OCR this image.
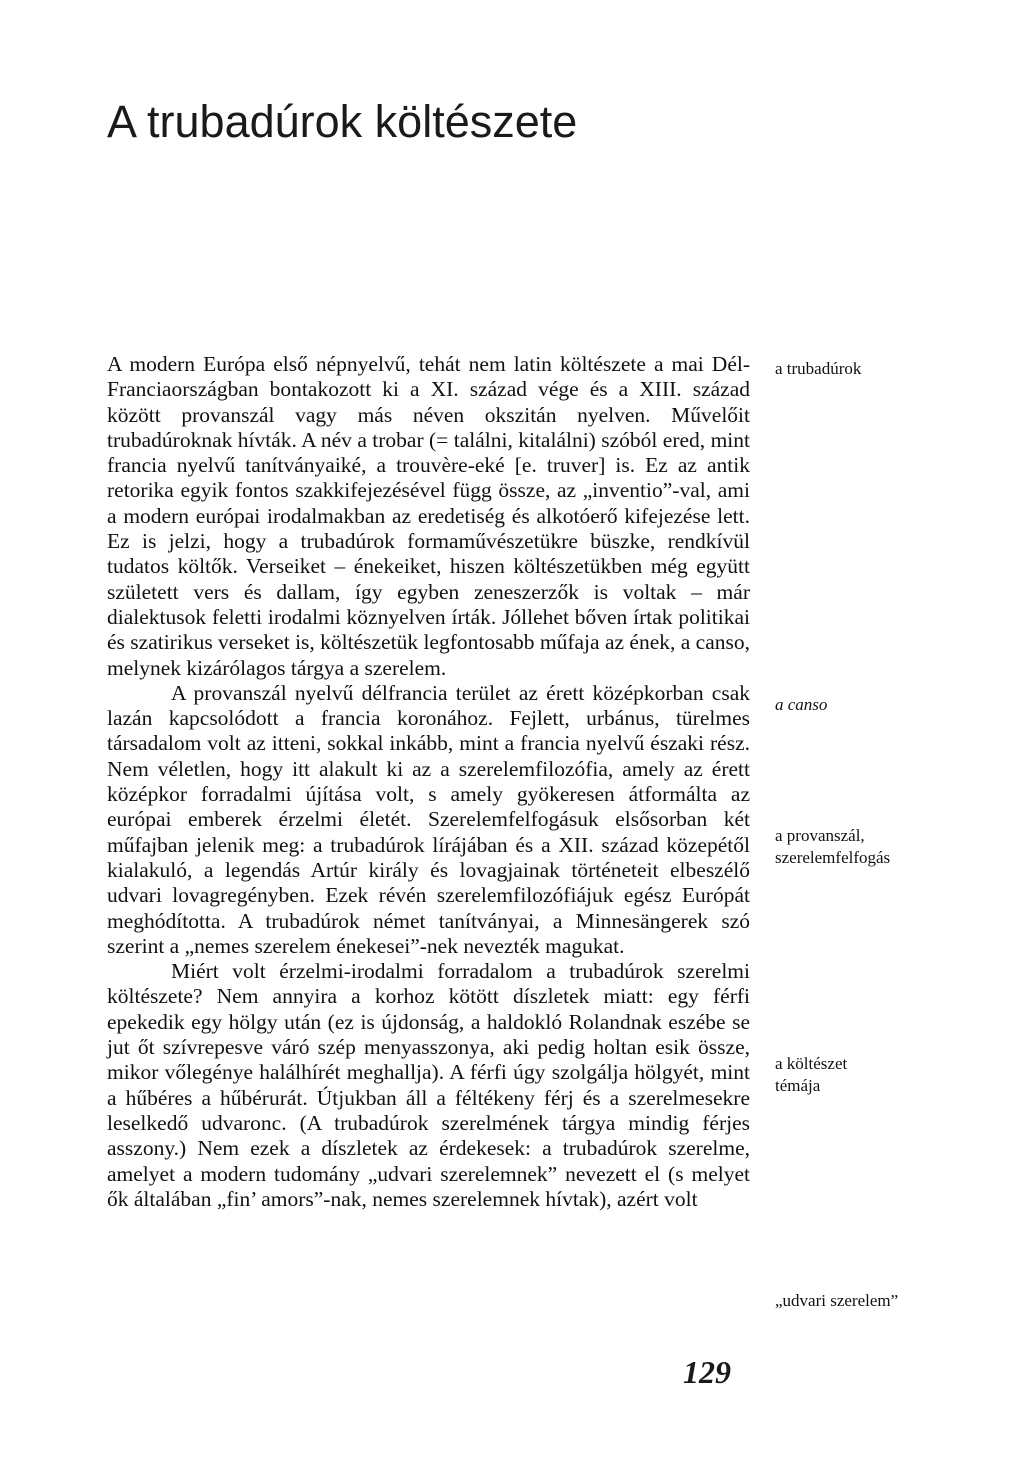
A trubadúrok költészete

A modern Európa első népnyelvű, tehát nem latin költészete a mai Dél-Franciaországban bontakozott ki a XI. század vége és a XIII. század között provanszál vagy más néven okszitán nyelven. Művelőit trubadúroknak hívták. A név a trobar (= találni, kitalálni) szóból ered, mint francia nyelvű tanítványaiké, a trouvère-eké [e. truver] is. Ez az antik retorika egyik fontos szakkifejezésével függ össze, az „inventio”-val, ami a modern európai irodalmakban az eredetiség és alkotóerő kifejezése lett. Ez is jelzi, hogy a trubadúrok formaművészetükre büszke, rendkívül tudatos költők. Verseiket – énekeiket, hiszen költészetükben még együtt született vers és dallam, így egyben zeneszerzők is voltak – már dialektusok feletti irodalmi köznyelven írták. Jóllehet bőven írtak politikai és szatirikus verseket is, költészetük legfontosabb műfaja az ének, a canso, melynek kizárólagos tárgya a szerelem.

A provanszál nyelvű délfrancia terület az érett középkorban csak lazán kapcsolódott a francia koronához. Fejlett, urbánus, türelmes társadalom volt az itteni, sokkal inkább, mint a francia nyelvű északi rész. Nem véletlen, hogy itt alakult ki az a szerelemfilozófia, amely az érett középkor forradalmi újítása volt, s amely gyökeresen átformálta az európai emberek érzelmi életét. Szerelemfelfogásuk elsősorban két műfajban jelenik meg: a trubadúrok lírájában és a XII. század közepétől kialakuló, a legendás Artúr király és lovagjainak történeteit elbeszélő udvari lovagregényben. Ezek révén szerelemfilozófiájuk egész Európát meghódította. A trubadúrok német tanítványai, a Minnesängerek szó szerint a „nemes szerelem énekesei”-nek nevezték magukat.

Miért volt érzelmi-irodalmi forradalom a trubadúrok szerelmi költészete? Nem annyira a korhoz kötött díszletek miatt: egy férfi epekedik egy hölgy után (ez is újdonság, a haldokló Rolandnak eszébe se jut őt szívrepesve váró szép menyasszonya, aki pedig holtan esik össze, mikor vőlegénye halálhírét meghallja). A férfi úgy szolgálja hölgyét, mint a hűbéres a hűbérurát. Útjukban áll a féltékeny férj és a szerelmesekre leselkedő udvaronc. (A trubadúrok szerelmének tárgya mindig férjes asszony.) Nem ezek a díszletek az érdekesek: a trubadúrok szerelme, amelyet a modern tudomány „udvari szerelemnek” nevezett el (s melyet ők általában „fin’ amors”-nak, nemes szerelemnek hívtak), azért volt

a trubadúrok
a canso
a provanszál,
szerelemfelfogás
a költészet
témája
„udvari szerelem”
129
